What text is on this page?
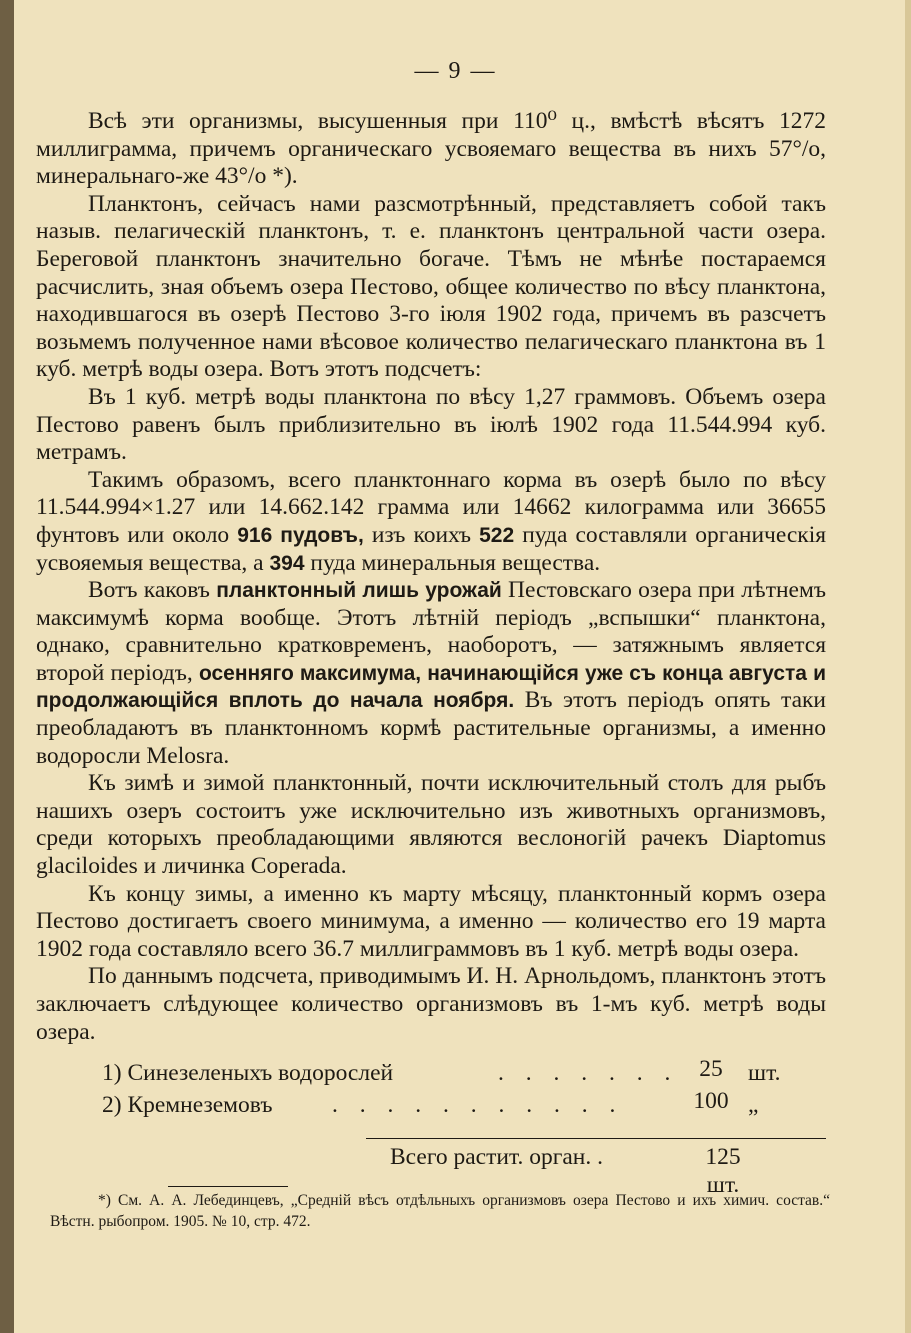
— 9 —

Всѣ эти организмы, высушенныя при 110⁰ ц., вмѣстѣ вѣсятъ 1272 миллиграмма, причемъ органическаго усвояемаго вещества въ нихъ 57°/о, минеральнаго-же 43°/о *).

Планктонъ, сейчасъ нами разсмотрѣнный, представляетъ собой такъ назыв. пелагическій планктонъ, т. е. планктонъ центральной части озера. Береговой планктонъ значительно богаче. Тѣмъ не мѣнѣе постараемся расчислить, зная объемъ озера Пестово, общее количество по вѣсу планктона, находившагося въ озерѣ Пестово 3-го іюля 1902 года, причемъ въ разсчетъ возьмемъ полученное нами вѣсовое количество пелагическаго планктона въ 1 куб. метрѣ воды озера. Вотъ этотъ подсчетъ:

Въ 1 куб. метрѣ воды планктона по вѣсу 1,27 граммовъ. Объемъ озера Пестово равенъ былъ приблизительно въ іюлѣ 1902 года 11.544.994 куб. метрамъ.

Такимъ образомъ, всего планктоннаго корма въ озерѣ было по вѣсу 11.544.994×1.27 или 14.662.142 грамма или 14662 килограмма или 36655 фунтовъ или около 916 пудовъ, изъ коихъ 522 пуда составляли органическія усвояемыя вещества, а 394 пуда минеральныя вещества.

Вотъ каковъ планктонный лишь урожай Пестовскаго озера при лѣтнемъ максимумѣ корма вообще. Этотъ лѣтній періодъ „вспышки“ планктона, однако, сравнительно кратковременъ, наоборотъ, — затяжнымъ является второй періодъ, осенняго максимума, начинающійся уже съ конца августа и продолжающійся вплоть до начала ноября. Въ этотъ періодъ опять таки преобладаютъ въ планктонномъ кормѣ растительные организмы, а именно водоросли Melosra.

Къ зимѣ и зимой планктонный, почти исключительный столъ для рыбъ нашихъ озеръ состоитъ уже исключительно изъ животныхъ организмовъ, среди которыхъ преобладающими являются веслоногій рачекъ Diaptomus glacіloides и личинка Coperada.

Къ концу зимы, а именно къ марту мѣсяцу, планктонный кормъ озера Пестово достигаетъ своего минимума, а именно — количество его 19 марта 1902 года составляло всего 36.7 миллиграммовъ въ 1 куб. метрѣ воды озера.

По даннымъ подсчета, приводимымъ И. Н. Арнольдомъ, планктонъ этотъ заключаетъ слѣдующее количество организмовъ въ 1-мъ куб. метрѣ воды озера.

1) Синезеленыхъ водорослей	. . . . . . . 25	шт.
2) Кремнеземовъ	. . . . . . . . . . .	100 „
Всего растит. орган. .	125 шт.

*) См. А. А. Лебединцевъ, „Средній вѣсъ отдѣльныхъ организмовъ озера Пестово и ихъ химич. состав.“ Вѣстн. рыбопром. 1905. № 10, стр. 472.
